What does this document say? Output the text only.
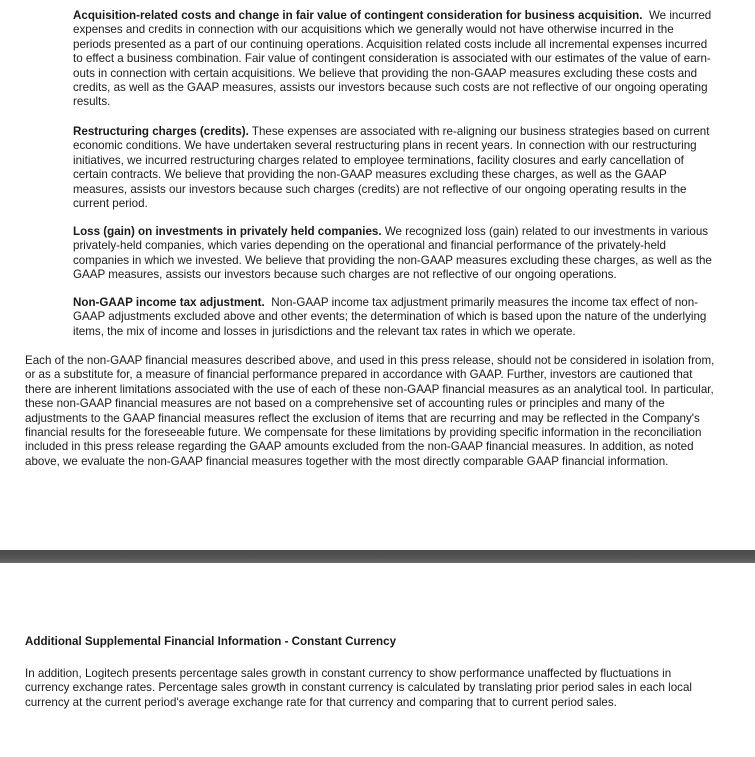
Acquisition-related costs and change in fair value of contingent consideration for business acquisition. We incurred expenses and credits in connection with our acquisitions which we generally would not have otherwise incurred in the periods presented as a part of our continuing operations. Acquisition related costs include all incremental expenses incurred to effect a business combination. Fair value of contingent consideration is associated with our estimates of the value of earn-outs in connection with certain acquisitions. We believe that providing the non-GAAP measures excluding these costs and credits, as well as the GAAP measures, assists our investors because such costs are not reflective of our ongoing operating results.

Restructuring charges (credits). These expenses are associated with re-aligning our business strategies based on current economic conditions. We have undertaken several restructuring plans in recent years. In connection with our restructuring initiatives, we incurred restructuring charges related to employee terminations, facility closures and early cancellation of certain contracts. We believe that providing the non-GAAP measures excluding these charges, as well as the GAAP measures, assists our investors because such charges (credits) are not reflective of our ongoing operating results in the current period.

Loss (gain) on investments in privately held companies. We recognized loss (gain) related to our investments in various privately-held companies, which varies depending on the operational and financial performance of the privately-held companies in which we invested. We believe that providing the non-GAAP measures excluding these charges, as well as the GAAP measures, assists our investors because such charges are not reflective of our ongoing operations.

Non-GAAP income tax adjustment. Non-GAAP income tax adjustment primarily measures the income tax effect of non-GAAP adjustments excluded above and other events; the determination of which is based upon the nature of the underlying items, the mix of income and losses in jurisdictions and the relevant tax rates in which we operate.

Each of the non-GAAP financial measures described above, and used in this press release, should not be considered in isolation from, or as a substitute for, a measure of financial performance prepared in accordance with GAAP. Further, investors are cautioned that there are inherent limitations associated with the use of each of these non-GAAP financial measures as an analytical tool. In particular, these non-GAAP financial measures are not based on a comprehensive set of accounting rules or principles and many of the adjustments to the GAAP financial measures reflect the exclusion of items that are recurring and may be reflected in the Company's financial results for the foreseeable future. We compensate for these limitations by providing specific information in the reconciliation included in this press release regarding the GAAP amounts excluded from the non-GAAP financial measures. In addition, as noted above, we evaluate the non-GAAP financial measures together with the most directly comparable GAAP financial information.

Additional Supplemental Financial Information - Constant Currency

In addition, Logitech presents percentage sales growth in constant currency to show performance unaffected by fluctuations in currency exchange rates. Percentage sales growth in constant currency is calculated by translating prior period sales in each local currency at the current period's average exchange rate for that currency and comparing that to current period sales.
